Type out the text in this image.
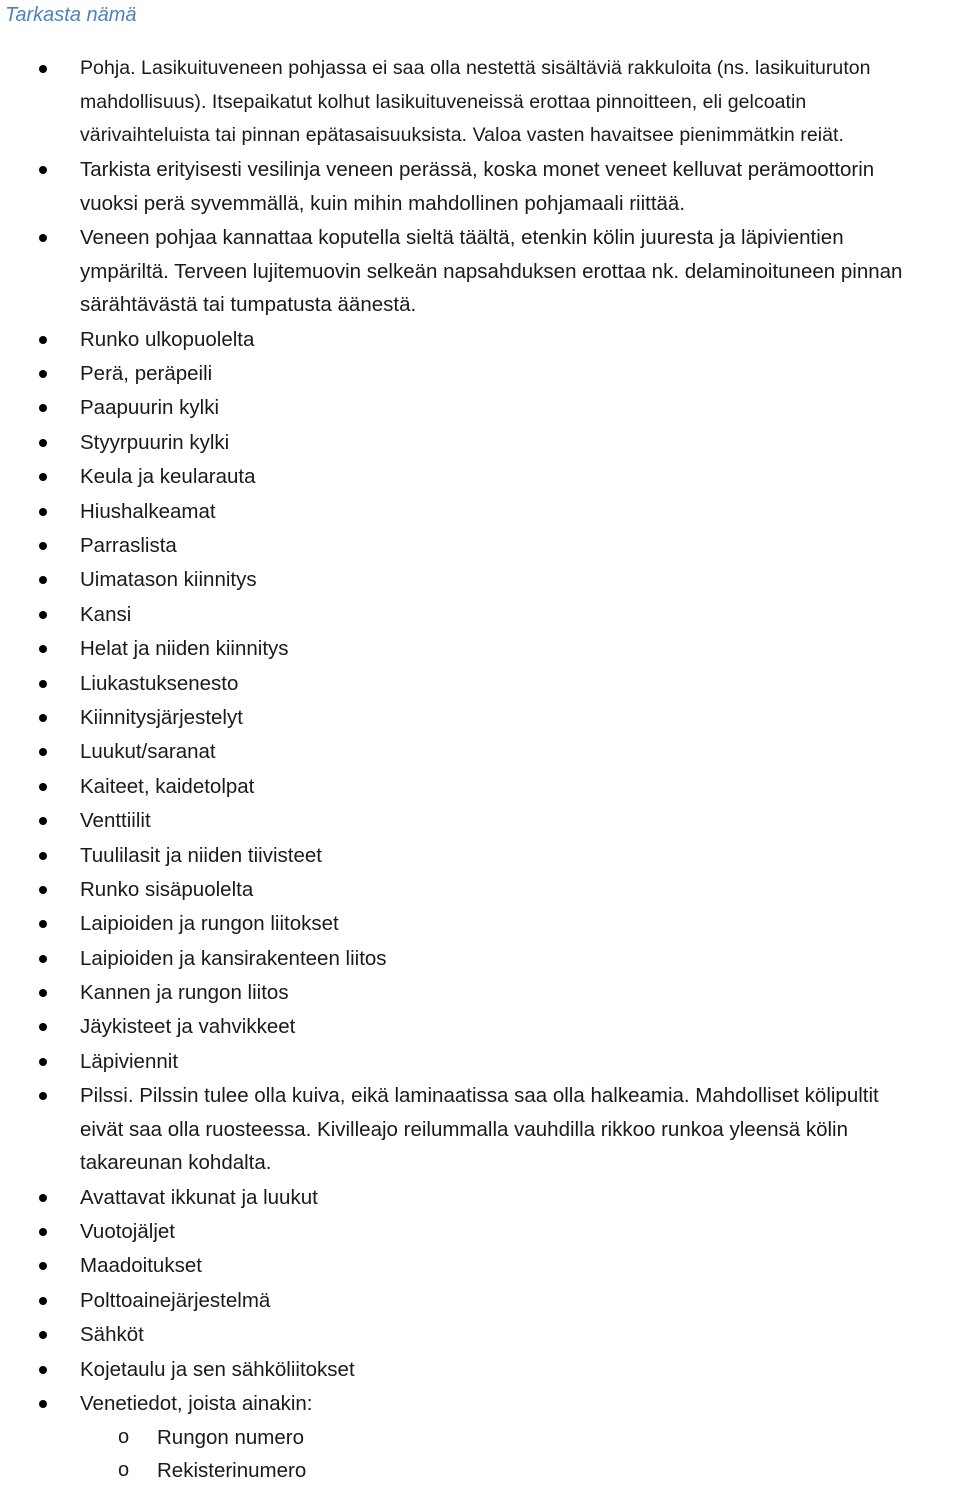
Tarkasta nämä
Pohja. Lasikuituveneen pohjassa ei saa olla nestettä sisältäviä rakkuloita (ns. lasikuituruton
mahdollisuus). Itsepaikatut kolhut lasikuituveneissä erottaa pinnoitteen, eli gelcoatin
värivaihteluista tai pinnan epätasaisuuksista. Valoa vasten havaitsee pienimmätkin reiät.
Tarkista erityisesti vesilinja veneen perässä, koska monet veneet kelluvat perämoottorin
vuoksi perä syvemmällä, kuin mihin mahdollinen pohjamaali riittää.
Veneen pohjaa kannattaa koputella sieltä täältä, etenkin kölin juuresta ja läpivientien
ympäriltä. Terveen lujitemuovin selkeän napsahduksen erottaa nk. delaminoituneen pinnan
särähtävästä tai tumpatusta äänestä.
Runko ulkopuolelta
Perä, peräpeili
Paapuurin kylki
Styyrpuurin kylki
Keula ja keularauta
Hiushalkeamat
Parraslista
Uimatason kiinnitys
Kansi
Helat ja niiden kiinnitys
Liukastuksenesto
Kiinnitysjärjestelyt
Luukut/saranat
Kaiteet, kaidetolpat
Venttiilit
Tuulilasit ja niiden tiivisteet
Runko sisäpuolelta
Laipioiden ja rungon liitokset
Laipioiden ja kansirakenteen liitos
Kannen ja rungon liitos
Jäykisteet ja vahvikkeet
Läpiviennit
Pilssi. Pilssin tulee olla kuiva, eikä laminaatissa saa olla halkeamia. Mahdolliset kölipultit
eivät saa olla ruosteessa. Kivilleajo reilummalla vauhdilla rikkoo runkoa yleensä kölin
takareunan kohdalta.
Avattavat ikkunat ja luukut
Vuotojäljet
Maadoitukset
Polttoainejärjestelmä
Sähköt
Kojetaulu ja sen sähköliitokset
Venetiedot, joista ainakin:
o Rungon numero
o Rekisterinumero
